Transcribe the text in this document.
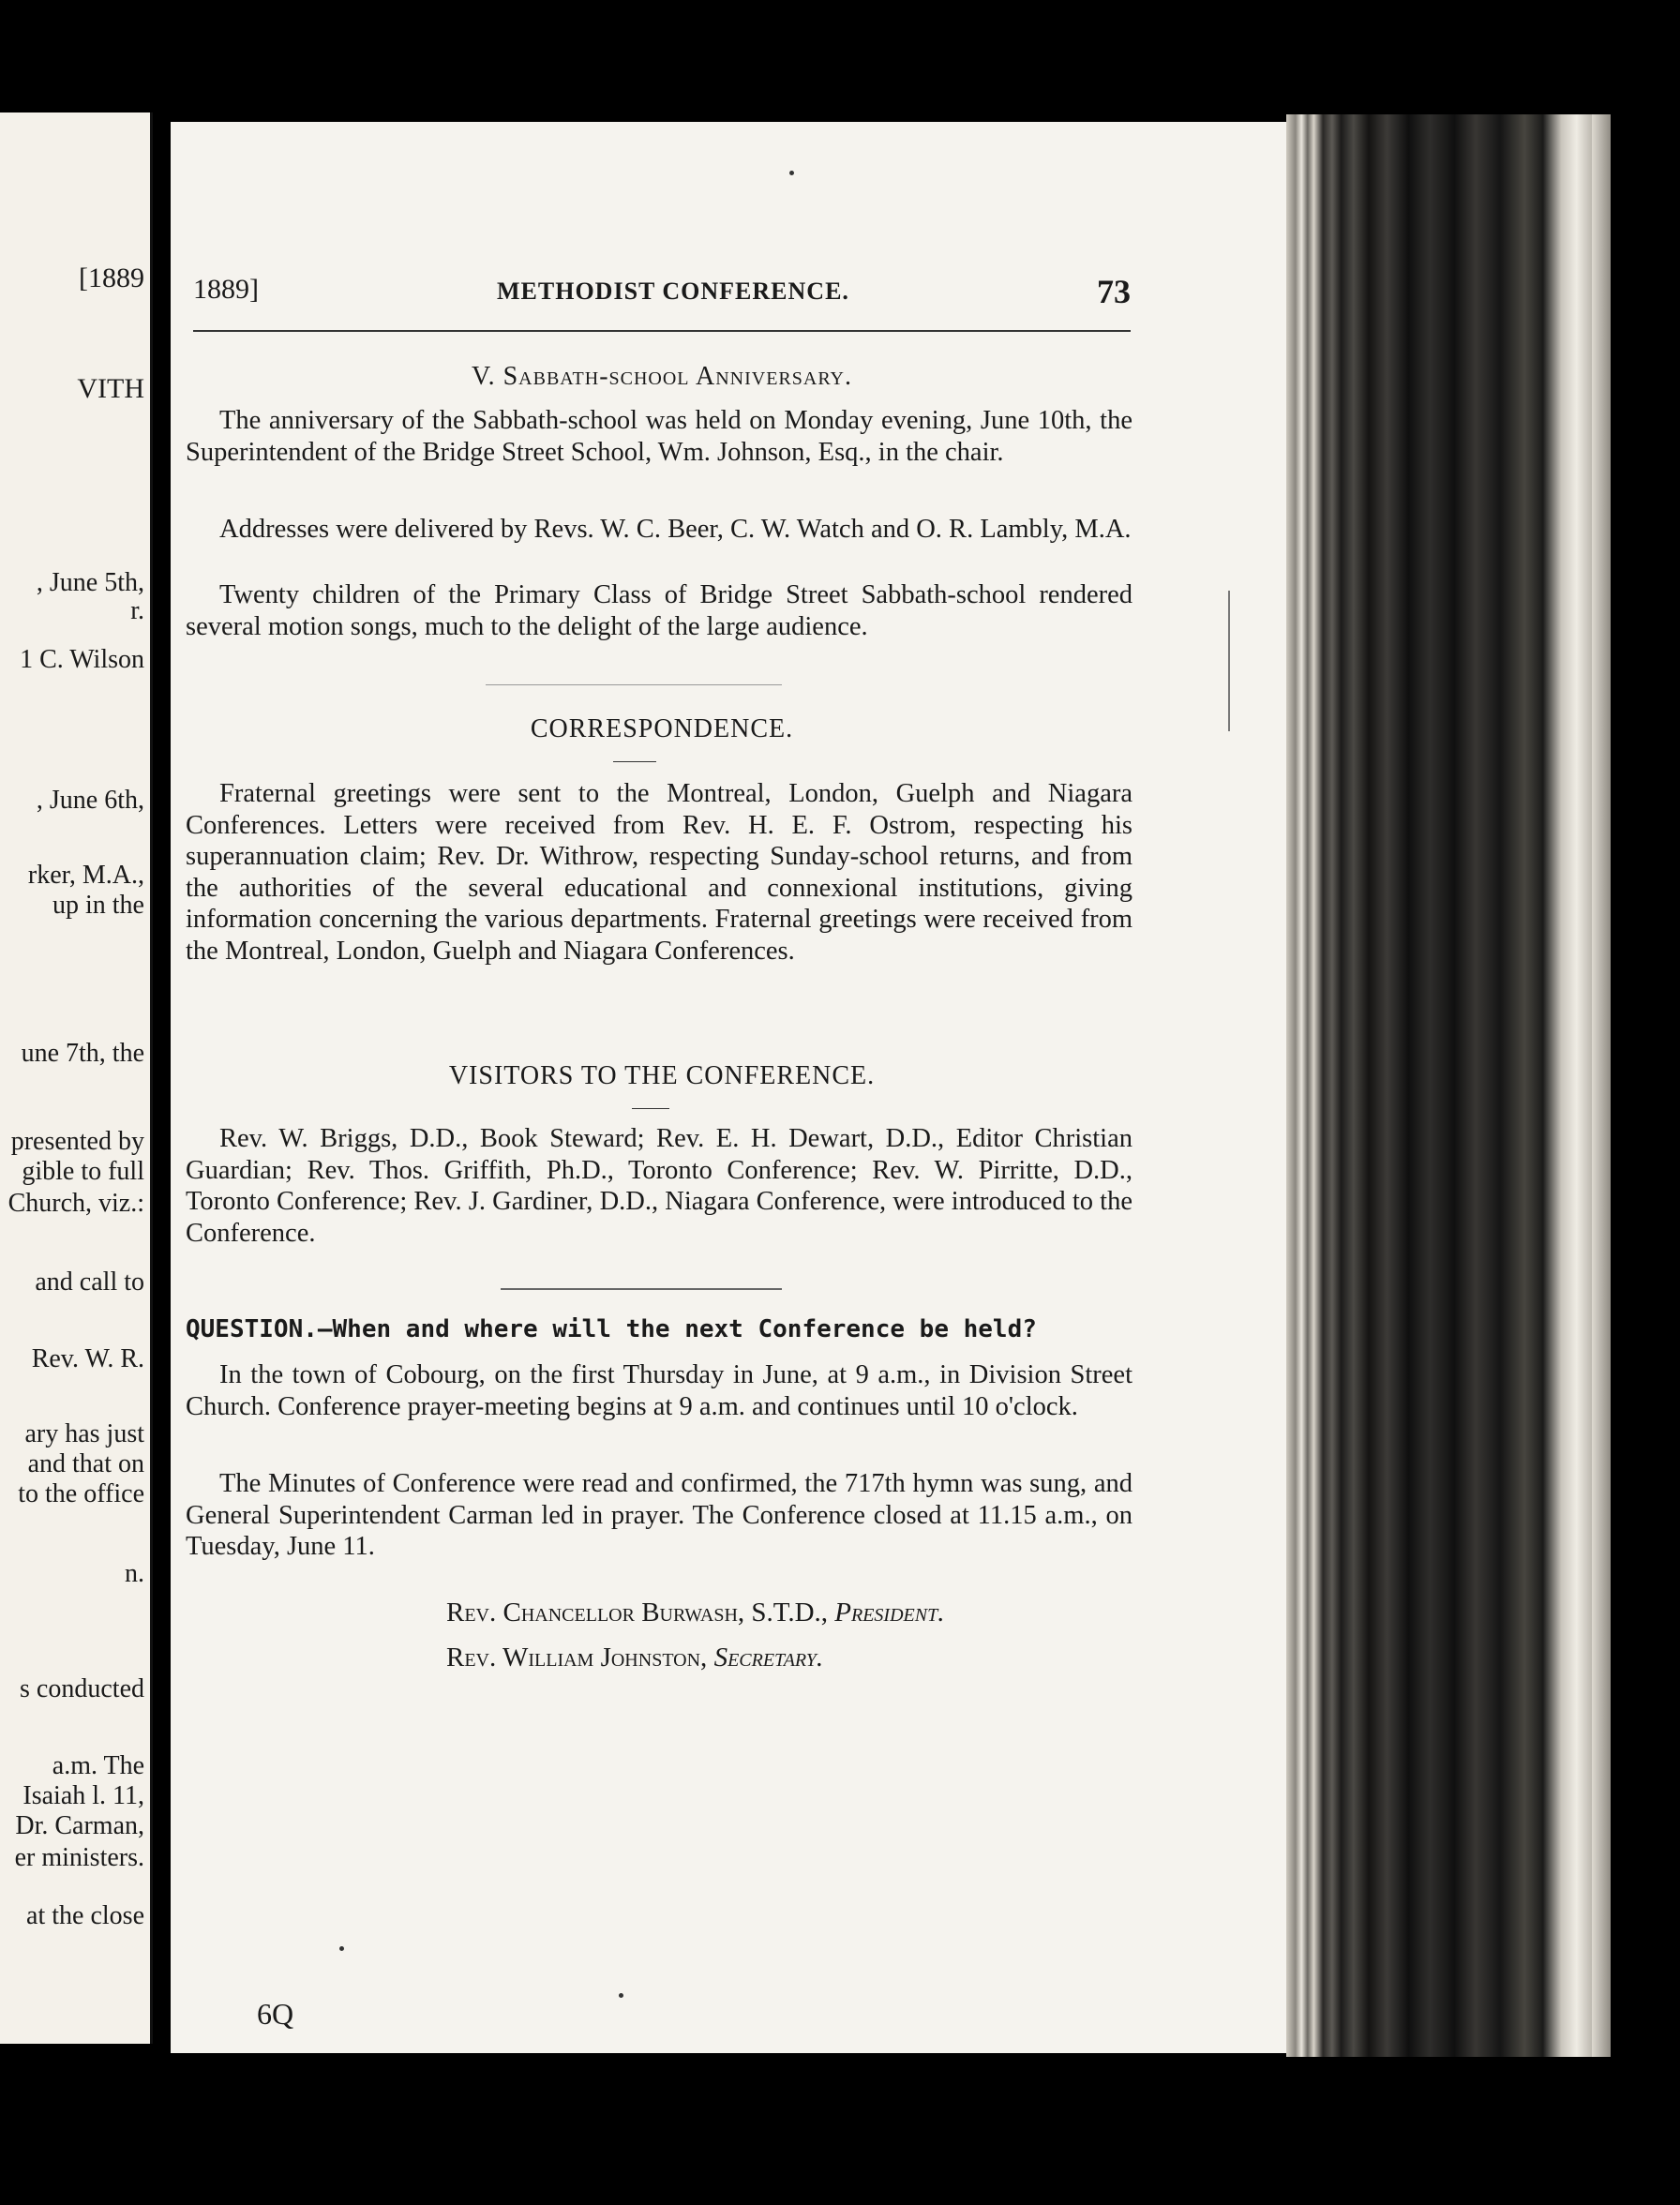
[1889
VITH
, June 5th,
r.
1 C. Wilson
, June 6th,
rker, M.A.,
up in the
une 7th, the
presented by
gible to full
Church, viz.:
and call to
Rev. W. R.
ary has just
and that on
to the office
n.
s conducted
a.m. The
Isaiah l. 11,
Dr. Carman,
er ministers.
at the close
1889]	METHODIST CONFERENCE.	73
V. Sabbath-school Anniversary.

The anniversary of the Sabbath-school was held on Monday evening, June 10th, the Superintendent of the Bridge Street School, Wm. Johnson, Esq., in the chair.

Addresses were delivered by Revs. W. C. Beer, C. W. Watch and O. R. Lambly, M.A.

Twenty children of the Primary Class of Bridge Street Sabbath-school rendered several motion songs, much to the delight of the large audience.

CORRESPONDENCE.

Fraternal greetings were sent to the Montreal, London, Guelph and Niagara Conferences. Letters were received from Rev. H. E. F. Ostrom, respecting his superannuation claim; Rev. Dr. Withrow, respecting Sunday-school returns, and from the authorities of the several educational and connexional institutions, giving information concerning the various departments. Fraternal greetings were received from the Montreal, London, Guelph and Niagara Conferences.

VISITORS TO THE CONFERENCE.

Rev. W. Briggs, D.D., Book Steward; Rev. E. H. Dewart, D.D., Editor Christian Guardian; Rev. Thos. Griffith, Ph.D., Toronto Conference; Rev. W. Pirritte, D.D., Toronto Conference; Rev. J. Gardiner, D.D., Niagara Conference, were introduced to the Conference.

QUESTION.—When and where will the next Conference be held?

In the town of Cobourg, on the first Thursday in June, at 9 a.m., in Division Street Church. Conference prayer-meeting begins at 9 a.m. and continues until 10 o'clock.

The Minutes of Conference were read and confirmed, the 717th hymn was sung, and General Superintendent Carman led in prayer. The Conference closed at 11.15 a.m., on Tuesday, June 11.

Rev. Chancellor Burwash, S.T.D., President.
Rev. William Johnston, Secretary.
6Q
